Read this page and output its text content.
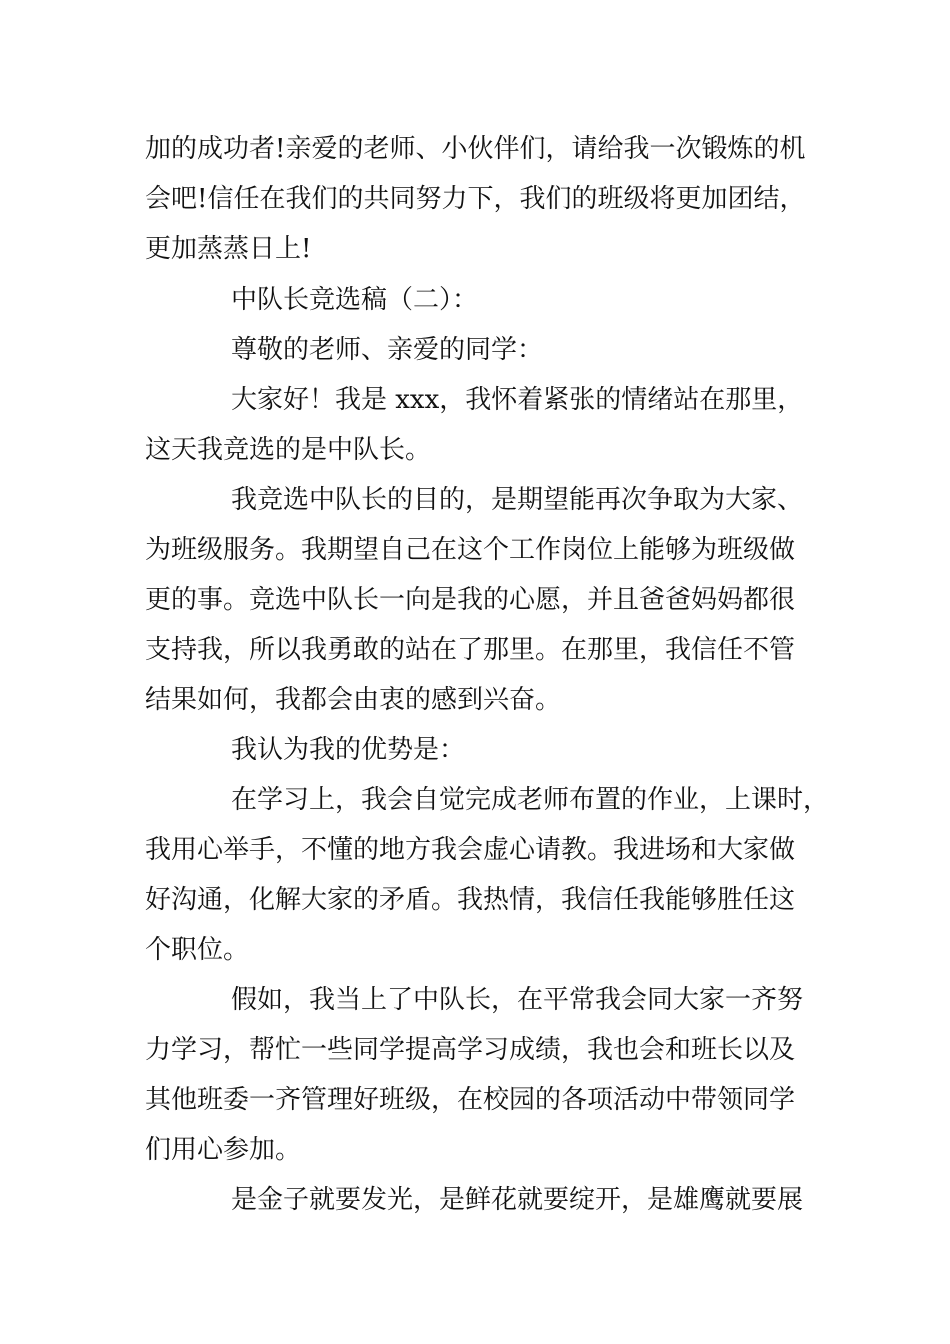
加的成功者!亲爱的老师、小伙伴们，请给我一次锻炼的机
会吧!信任在我们的共同努力下，我们的班级将更加团结，
更加蒸蒸日上!
中队长竞选稿（二）：
尊敬的老师、亲爱的同学：
大家好！我是 xxx，我怀着紧张的情绪站在那里，
这天我竞选的是中队长。
我竞选中队长的目的，是期望能再次争取为大家、
为班级服务。我期望自己在这个工作岗位上能够为班级做
更的事。竞选中队长一向是我的心愿，并且爸爸妈妈都很
支持我，所以我勇敢的站在了那里。在那里，我信任不管
结果如何，我都会由衷的感到兴奋。
我认为我的优势是：
在学习上，我会自觉完成老师布置的作业，上课时，
我用心举手，不懂的地方我会虚心请教。我进场和大家做
好沟通，化解大家的矛盾。我热情，我信任我能够胜任这
个职位。
假如，我当上了中队长，在平常我会同大家一齐努
力学习，帮忙一些同学提高学习成绩，我也会和班长以及
其他班委一齐管理好班级，在校园的各项活动中带领同学
们用心参加。
是金子就要发光，是鲜花就要绽开，是雄鹰就要展
